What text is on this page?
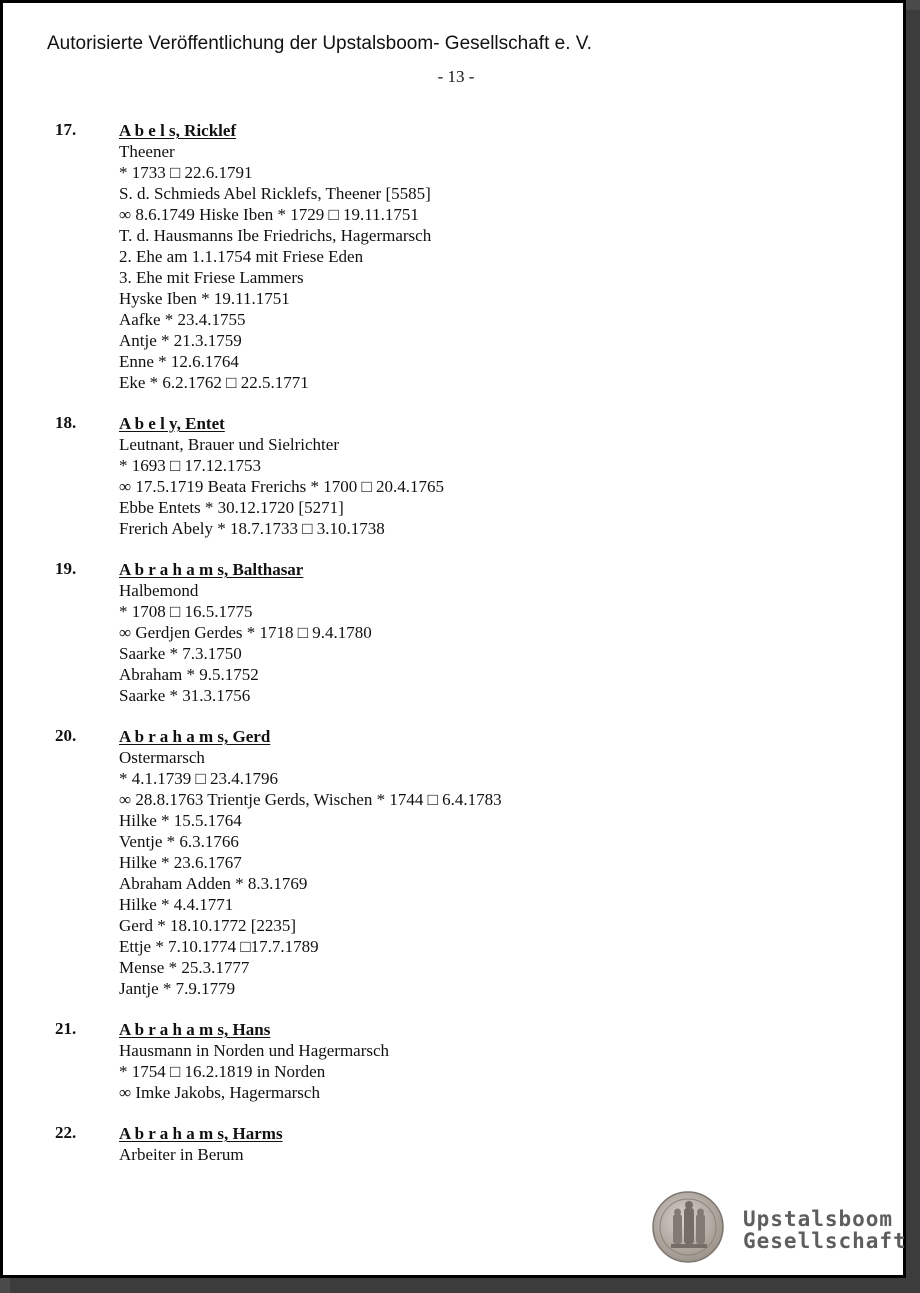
Autorisierte Veröffentlichung der Upstalsboom- Gesellschaft e. V.
- 13 -
17.	A b e l s, Ricklef
Theener
* 1733 □ 22.6.1791
S. d. Schmieds Abel Ricklefs, Theener [5585]
∞ 8.6.1749 Hiske Iben * 1729 □ 19.11.1751
T. d. Hausmanns Ibe Friedrichs, Hagermarsch
2. Ehe am 1.1.1754 mit Friese Eden
3. Ehe mit Friese Lammers
Hyske Iben * 19.11.1751
Aafke * 23.4.1755
Antje * 21.3.1759
Enne * 12.6.1764
Eke * 6.2.1762 □ 22.5.1771
18.	A b e l y, Entet
Leutnant, Brauer und Sielrichter
* 1693 □ 17.12.1753
∞ 17.5.1719 Beata Frerichs * 1700 □ 20.4.1765
Ebbe Entets * 30.12.1720 [5271]
Frerich Abely * 18.7.1733 □ 3.10.1738
19.	A b r a h a m s, Balthasar
Halbemond
* 1708 □ 16.5.1775
∞ Gerdjen Gerdes * 1718 □ 9.4.1780
Saarke * 7.3.1750
Abraham * 9.5.1752
Saarke * 31.3.1756
20.	A b r a h a m s, Gerd
Ostermarsch
* 4.1.1739 □ 23.4.1796
∞ 28.8.1763 Trientje Gerds, Wischen * 1744 □ 6.4.1783
Hilke * 15.5.1764
Ventje * 6.3.1766
Hilke * 23.6.1767
Abraham Adden * 8.3.1769
Hilke * 4.4.1771
Gerd * 18.10.1772 [2235]
Ettje * 7.10.1774 □17.7.1789
Mense * 25.3.1777
Jantje * 7.9.1779
21.	A b r a h a m s, Hans
Hausmann in Norden und Hagermarsch
* 1754 □ 16.2.1819 in Norden
∞ Imke Jakobs, Hagermarsch
22.	A b r a h a m s, Harms
Arbeiter in Berum
Upstalsboom
Gesellschaft
